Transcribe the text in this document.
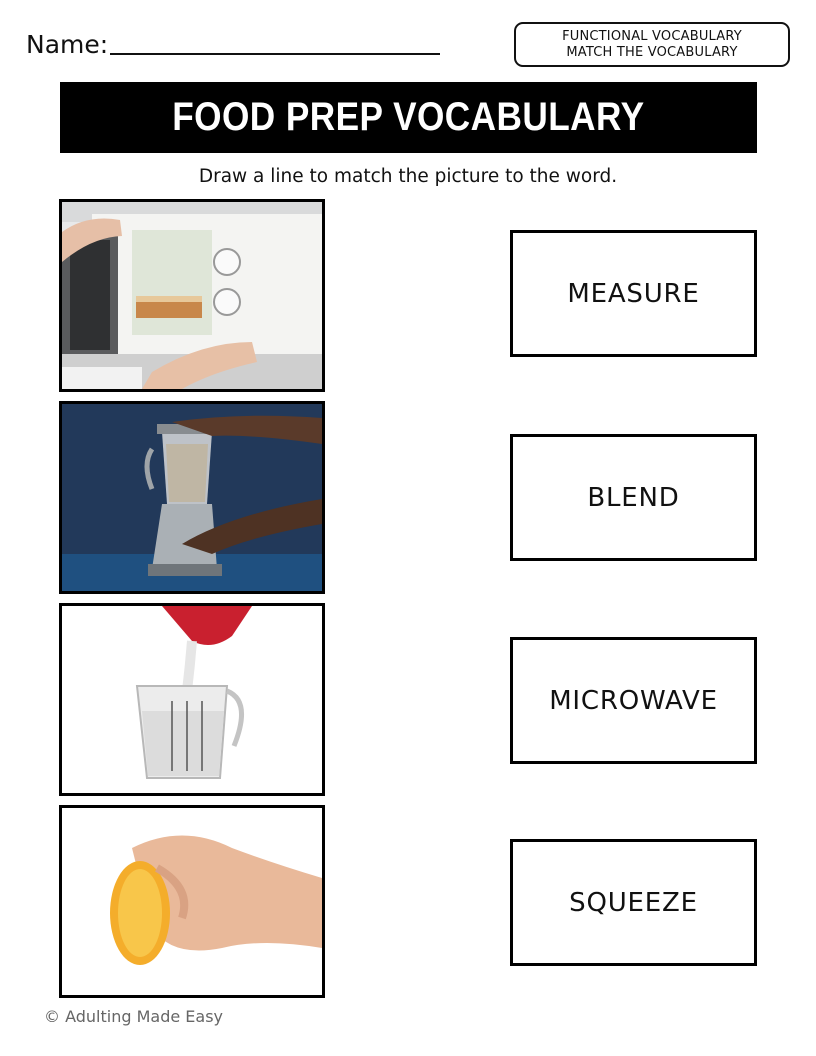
Name:	FUNCTIONAL VOCABULARY
MATCH THE VOCABULARY
FOOD PREP VOCABULARY
Draw a line to match the picture to the word.
MEASURE
BLEND
MICROWAVE
SQUEEZE
© Adulting Made Easy
